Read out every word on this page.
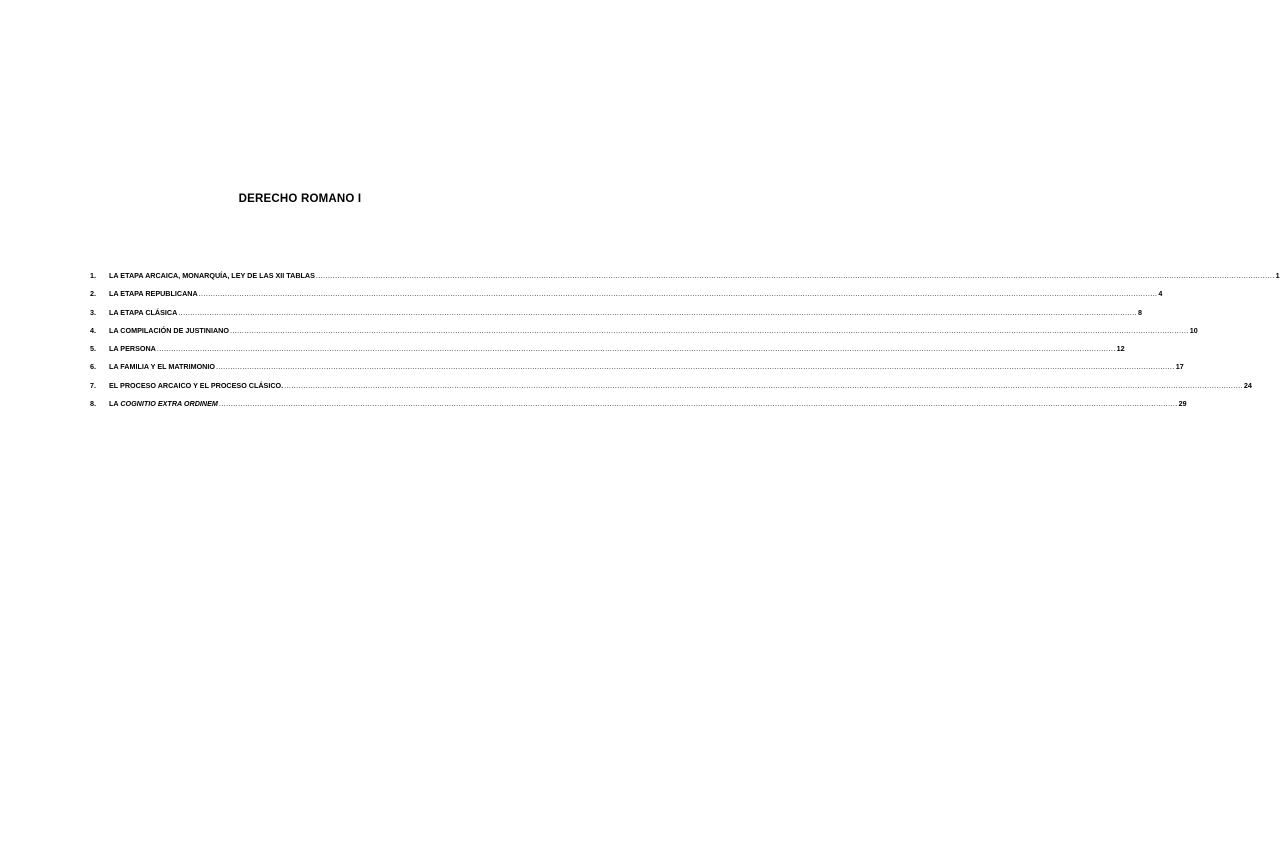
DERECHO ROMANO I
1.	LA ETAPA ARCAICA, MONARQUÍA, LEY DE LAS XII TABLAS ................................................................................................................................................................................................................................................................................................................................................................................................................ 1
2.	LA ETAPA REPUBLICANA ................................................................................................................................................................................................................................................................................................................................................................................................................ 4
3.	LA ETAPA CLÁSICA ................................................................................................................................................................................................................................................................................................................................................................................................................ 8
4.	LA COMPILACIÓN DE JUSTINIANO ................................................................................................................................................................................................................................................................................................................................................................................................................ 10
5.	LA PERSONA ................................................................................................................................................................................................................................................................................................................................................................................................................ 12
6.	LA FAMILIA Y EL MATRIMONIO ................................................................................................................................................................................................................................................................................................................................................................................................................ 17
7.	EL PROCESO ARCAICO Y EL PROCESO CLÁSICO. ................................................................................................................................................................................................................................................................................................................................................................................................................ 24
8.	LA COGNITIO EXTRA ORDINEM ................................................................................................................................................................................................................................................................................................................................................................................................................ 29
